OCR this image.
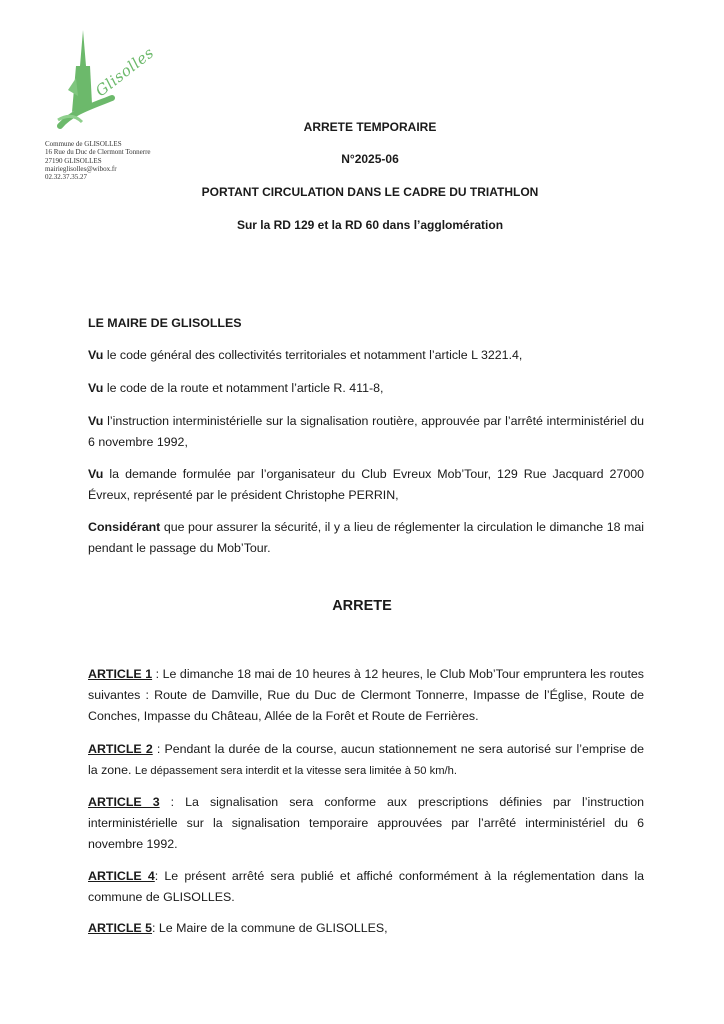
Glisolles
Commune de GLISOLLES
16 Rue du Duc de Clermont Tonnerre
27190 GLISOLLES
mairieglisolles@wibox.fr
02.32.37.35.27
ARRETE TEMPORAIRE
N°2025-06
PORTANT CIRCULATION DANS LE CADRE DU TRIATHLON
Sur la RD 129 et la RD 60 dans l’agglomération
LE MAIRE DE GLISOLLES
Vu le code général des collectivités territoriales et notamment l’article L 3221.4,
Vu le code de la route et notamment l’article R. 411-8,
Vu l’instruction interministérielle sur la signalisation routière, approuvée par l’arrêté interministériel du 6 novembre 1992,
Vu la demande formulée par l’organisateur du Club Evreux Mob’Tour, 129 Rue Jacquard 27000 Évreux, représenté par le président Christophe PERRIN,
Considérant que pour assurer la sécurité, il y a lieu de réglementer la circulation le dimanche 18 mai pendant le passage du Mob’Tour.
ARRETE
ARTICLE 1 : Le dimanche 18 mai de 10 heures à 12 heures, le Club Mob’Tour empruntera les routes suivantes : Route de Damville, Rue du Duc de Clermont Tonnerre, Impasse de l’Église, Route de Conches, Impasse du Château, Allée de la Forêt et Route de Ferrières.
ARTICLE 2 : Pendant la durée de la course, aucun stationnement ne sera autorisé sur l’emprise de la zone. Le dépassement sera interdit et la vitesse sera limitée à 50 km/h.
ARTICLE 3 : La signalisation sera conforme aux prescriptions définies par l’instruction interministérielle sur la signalisation temporaire approuvées par l’arrêté interministériel du 6 novembre 1992.
ARTICLE 4: Le présent arrêté sera publié et affiché conformément à la réglementation dans la commune de GLISOLLES.
ARTICLE 5: Le Maire de la commune de GLISOLLES,
